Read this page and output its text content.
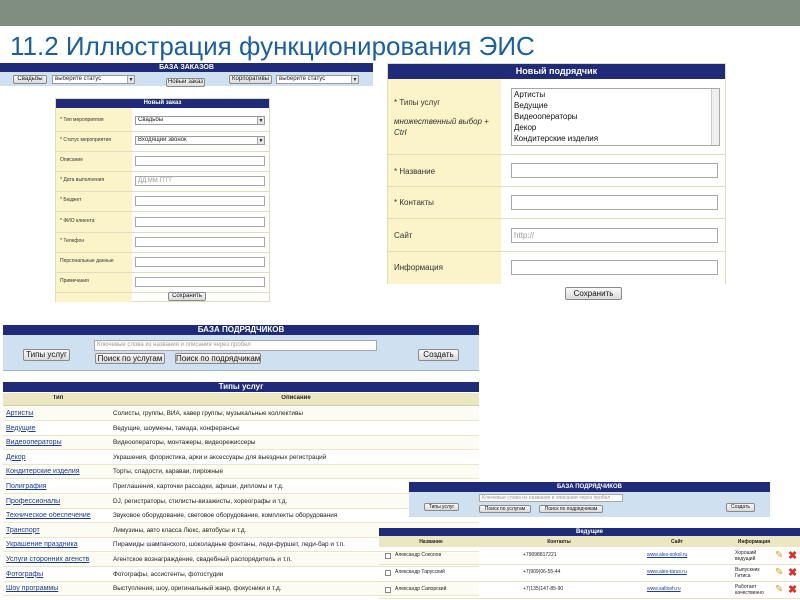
11.2 Иллюстрация функционирования ЭИС
БАЗА ЗАКАЗОВ
Свадьбы	выберите статус	▼	Новый заказ	Корпоративы	выберите статус	▼
Новый заказ
* Тип мероприятия	Свадьбы	▼
* Статус мероприятия	Входящий звонок	▼
Описание
* Дата выполнения	ДД.ММ.ГГГГ
* Бюджет
* ФИО клиента
* Телефон
Персональные данные
Примечания
Сохранить
Новый подрядчик
* Типы услуг
множественный выбор + Ctrl
Артисты
Ведущие
Видеооператоры
Декор
Кондитерские изделия
* Название
* Контакты
Сайт	http://
Информация
Сохранить
БАЗА ПОДРЯДЧИКОВ
Типы услуг
Ключевые слова из названия и описания через пробел
Поиск по услугам	Поиск по подрядчикам	Создать
Типы услуг
Тип	Описание
Артисты	Солисты, группы, ВИА, кавер группы, музыкальные коллективы
Ведущие	Ведущие, шоумены, тамада, конферансье
Видеооператоры	Видеооператоры, монтажеры, видеорежиссеры
Декор	Украшения, флористика, арки и аксессуары для выездных регистраций
Кондитерские изделия	Торты, сладости, караваи, пирожные
Полиграфия	Приглашения, карточки рассадки, афиши, дипломы и т.д.
Профессионалы	DJ, регистраторы, стилисты-визажисты, хореографы и т.д.
Техническое обеспечение	Звуковое оборудование, световое оборудование, комплекты оборудования
Транспорт	Лимузины, авто класса Люкс, автобусы и т.д.
Украшение праздника	Пирамиды шампанского, шоколадные фонтаны, леди-фуршет, леди-бар и т.п.
Услуги сторонних агенств	Агентское вознаграждение, свадебный распорядитель и т.п.
Фотографы	Фотографы, ассистенты, фотостудии
Шоу программы	Выступления, шоу, оригинальный жанр, фокусники и т.д.
БАЗА ПОДРЯДЧИКОВ
Ключевые слова из названия и описания через пробел
Типы услуг	Поиск по услугам	Поиск по подрядчикам	Создать
Ведущие
Название	Контакты	Сайт	Информация
Александр Соколов	+79098817221	www.alex-sokol.ru	Хороший ведущий	✎ ✖
Александр Тарусский	+7(909)06-55-44	www.alex-tarus.ru	Выпускник Гитиса	✎ ✖
Александр Сапорский	+7(135)147-85-90	www.saltosh.ru	Работает качественно	✎ ✖
